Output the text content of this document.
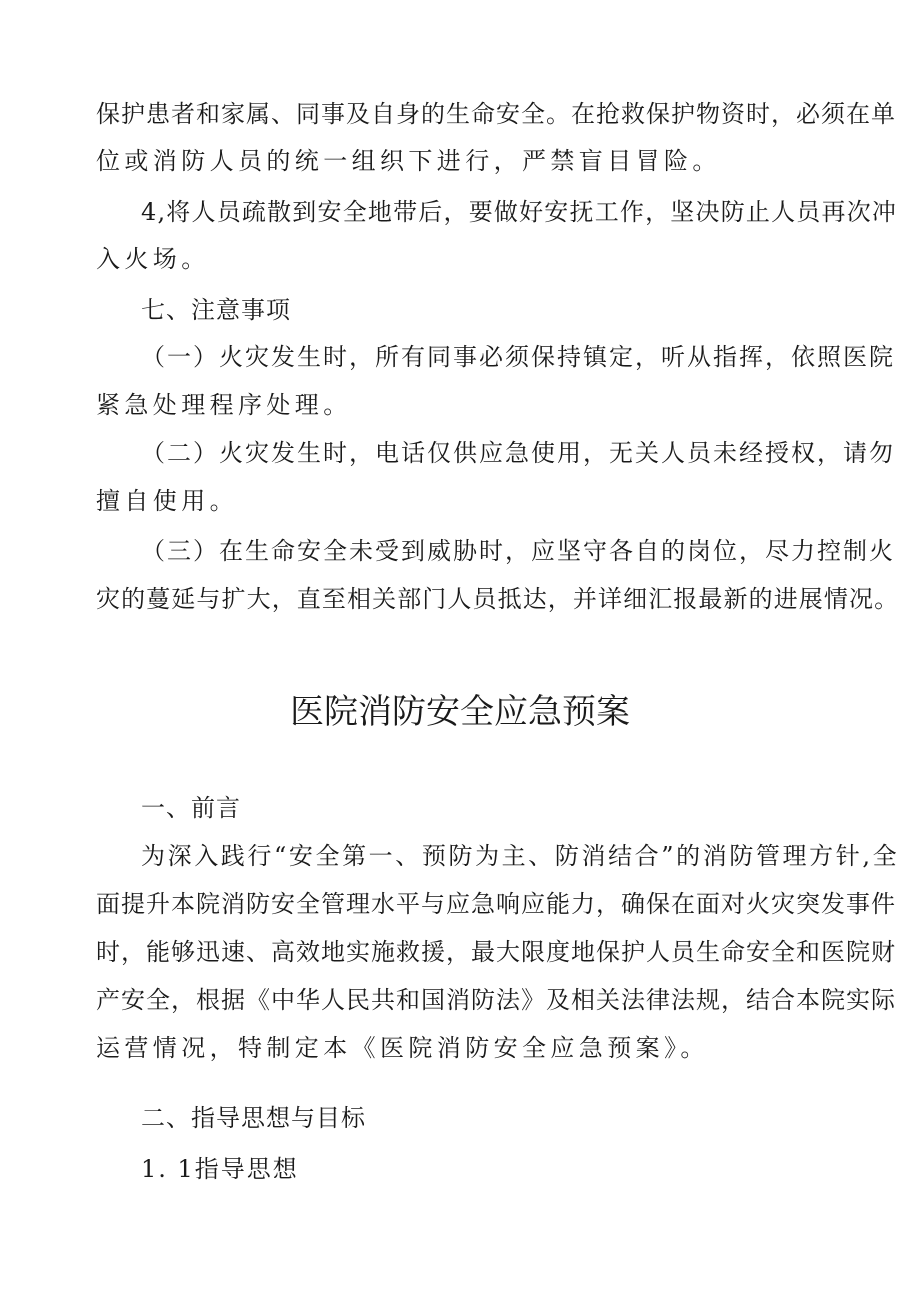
保护患者和家属、同事及自身的生命安全。在抢救保护物资时，必须在单
位或消防人员的统一组织下进行，严禁盲目冒险。
4,将人员疏散到安全地带后，要做好安抚工作，坚决防止人员再次冲
入火场。
七、注意事项
（一）火灾发生时，所有同事必须保持镇定，听从指挥，依照医院
紧急处理程序处理。
（二）火灾发生时，电话仅供应急使用，无关人员未经授权，请勿
擅自使用。
（三）在生命安全未受到威胁时，应坚守各自的岗位，尽力控制火
灾的蔓延与扩大，直至相关部门人员抵达，并详细汇报最新的进展情况。
医院消防安全应急预案
一、前言
为深入践行“安全第一、预防为主、防消结合”的消防管理方针,全
面提升本院消防安全管理水平与应急响应能力，确保在面对火灾突发事件
时，能够迅速、高效地实施救援，最大限度地保护人员生命安全和医院财
产安全，根据《中华人民共和国消防法》及相关法律法规，结合本院实际
运营情况，特制定本《医院消防安全应急预案》。
二、指导思想与目标
1. 1指导思想
